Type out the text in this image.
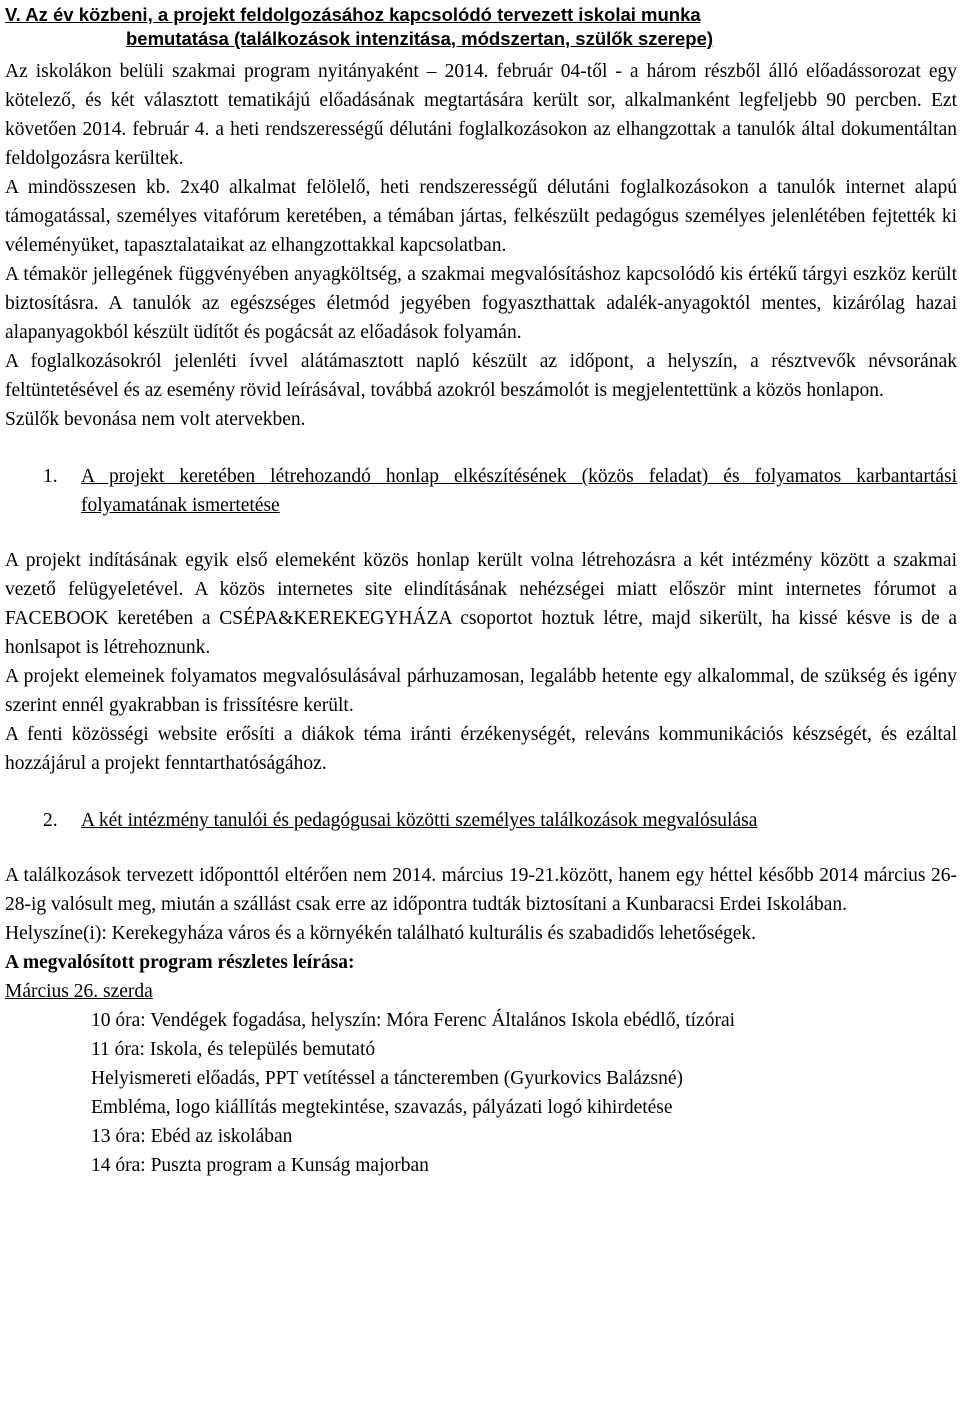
V. Az év közbeni, a projekt feldolgozásához kapcsolódó tervezett iskolai munka
bemutatása (találkozások intenzitása, módszertan, szülők szerepe)

Az iskolákon belüli szakmai program nyitányaként – 2014. február 04-től - a három részből álló előadássorozat egy kötelező, és két választott tematikájú előadásának megtartására került sor, alkalmanként legfeljebb 90 percben. Ezt követően 2014. február 4. a heti rendszerességű délutáni foglalkozásokon az elhangzottak a tanulók által dokumentáltan feldolgozásra kerültek.

A mindösszesen kb. 2x40 alkalmat felölelő, heti rendszerességű délutáni foglalkozásokon a tanulók internet alapú támogatással, személyes vitafórum keretében, a témában jártas, felkészült pedagógus személyes jelenlétében fejtették ki véleményüket, tapasztalataikat az elhangzottakkal kapcsolatban.

A témakör jellegének függvényében anyagköltség, a szakmai megvalósításhoz kapcsolódó kis értékű tárgyi eszköz került biztosításra. A tanulók az egészséges életmód jegyében fogyaszthattak adalék-anyagoktól mentes, kizárólag hazai alapanyagokból készült üdítőt és pogácsát az előadások folyamán.

A foglalkozásokról jelenléti ívvel alátámasztott napló készült az időpont, a helyszín, a résztvevők névsorának feltüntetésével és az esemény rövid leírásával, továbbá azokról beszámolót is megjelentettünk a közös honlapon.

Szülők bevonása nem volt atervekben.

1.	A projekt keretében létrehozandó honlap elkészítésének (közös feladat) és folyamatos karbantartási folyamatának ismertetése

A projekt indításának egyik első elemeként közös honlap került volna létrehozásra a két intézmény között a szakmai vezető felügyeletével. A közös internetes site elindításának nehézségei miatt először mint internetes fórumot a FACEBOOK keretében a CSÉPA&KEREKEGYHÁZA csoportot hoztuk létre, majd sikerült, ha kissé késve is de a honlsapot is létrehoznunk.

A projekt elemeinek folyamatos megvalósulásával párhuzamosan, legalább hetente egy alkalommal, de szükség és igény szerint ennél gyakrabban is frissítésre került.

A fenti közösségi website erősíti a diákok téma iránti érzékenységét, releváns kommunikációs készségét, és ezáltal hozzájárul a projekt fenntarthatóságához.

2.	A két intézmény tanulói és pedagógusai közötti személyes találkozások megvalósulása

A találkozások tervezett időponttól eltérően nem 2014. március 19-21.között, hanem egy héttel később 2014 március 26-28-ig valósult meg, miután a szállást csak erre az időpontra tudták biztosítani a Kunbaracsi Erdei Iskolában.

Helyszíne(i): Kerekegyháza város és a környékén található kulturális és szabadidős lehetőségek.

A megvalósított program részletes leírása:

Március 26. szerda

10 óra: Vendégek fogadása, helyszín: Móra Ferenc Általános Iskola ebédlő, tízórai
11 óra: Iskola, és település bemutató
Helyismereti előadás, PPT vetítéssel a táncteremben (Gyurkovics Balázsné)
Embléma, logo kiállítás megtekintése, szavazás, pályázati logó kihirdetése
13 óra: Ebéd az iskolában
14 óra: Puszta program a Kunság majorban
